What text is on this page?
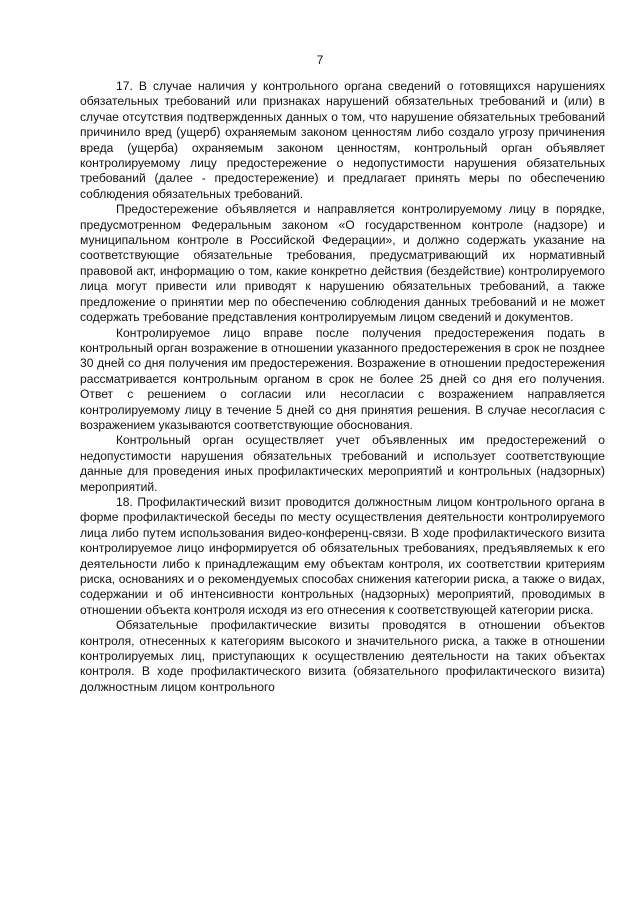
7

17. В случае наличия у контрольного органа сведений о готовящихся нарушениях обязательных требований или признаках нарушений обязательных требований и (или) в случае отсутствия подтвержденных данных о том, что нарушение обязательных требований причинило вред (ущерб) охраняемым законом ценностям либо создало угрозу причинения вреда (ущерба) охраняемым законом ценностям, контрольный орган объявляет контролируемому лицу предостережение о недопустимости нарушения обязательных требований (далее - предостережение) и предлагает принять меры по обеспечению соблюдения обязательных требований.

Предостережение объявляется и направляется контролируемому лицу в порядке, предусмотренном Федеральным законом «О государственном контроле (надзоре) и муниципальном контроле в Российской Федерации», и должно содержать указание на соответствующие обязательные требования, предусматривающий их нормативный правовой акт, информацию о том, какие конкретно действия (бездействие) контролируемого лица могут привести или приводят к нарушению обязательных требований, а также предложение о принятии мер по обеспечению соблюдения данных требований и не может содержать требование представления контролируемым лицом сведений и документов.

Контролируемое лицо вправе после получения предостережения подать в контрольный орган возражение в отношении указанного предостережения в срок не позднее 30 дней со дня получения им предостережения. Возражение в отношении предостережения рассматривается контрольным органом в срок не более 25 дней со дня его получения. Ответ с решением о согласии или несогласии с возражением направляется контролируемому лицу в течение 5 дней со дня принятия решения. В случае несогласия с возражением указываются соответствующие обоснования.

Контрольный орган осуществляет учет объявленных им предостережений о недопустимости нарушения обязательных требований и использует соответствующие данные для проведения иных профилактических мероприятий и контрольных (надзорных) мероприятий.

18. Профилактический визит проводится должностным лицом контрольного органа в форме профилактической беседы по месту осуществления деятельности контролируемого лица либо путем использования видео-конференц-связи. В ходе профилактического визита контролируемое лицо информируется об обязательных требованиях, предъявляемых к его деятельности либо к принадлежащим ему объектам контроля, их соответствии критериям риска, основаниях и о рекомендуемых способах снижения категории риска, а также о видах, содержании и об интенсивности контрольных (надзорных) мероприятий, проводимых в отношении объекта контроля исходя из его отнесения к соответствующей категории риска.

Обязательные профилактические визиты проводятся в отношении объектов контроля, отнесенных к категориям высокого и значительного риска, а также в отношении контролируемых лиц, приступающих к осуществлению деятельности на таких объектах контроля. В ходе профилактического визита (обязательного профилактического визита) должностным лицом контрольного
